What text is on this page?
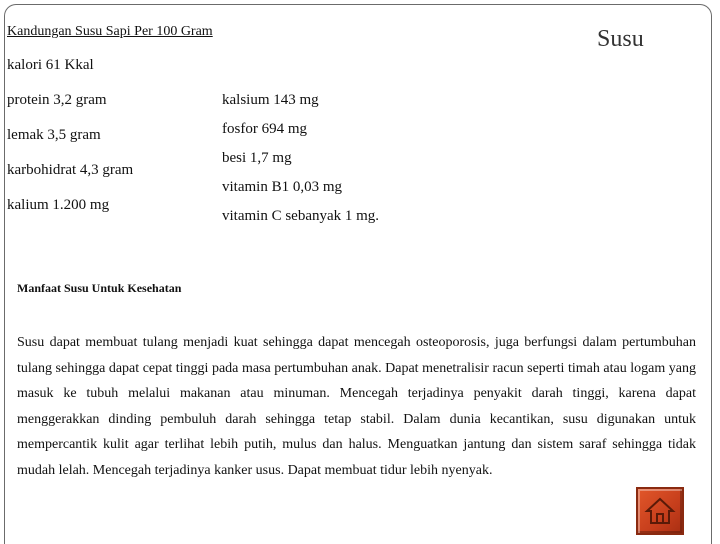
Kandungan Susu Sapi Per 100 Gram	Susu
kalori 61 Kkal
protein 3,2 gram
lemak 3,5 gram
karbohidrat 4,3 gram
kalium 1.200 mg
kalsium 143 mg
fosfor 694 mg
besi 1,7 mg
vitamin B1 0,03 mg
vitamin C sebanyak 1 mg.
Manfaat Susu Untuk Kesehatan
Susu dapat membuat tulang menjadi kuat sehingga dapat mencegah osteoporosis, juga berfungsi dalam pertumbuhan tulang sehingga dapat cepat tinggi pada masa pertumbuhan anak. Dapat menetralisir racun seperti timah atau logam yang masuk ke tubuh melalui makanan atau minuman. Mencegah terjadinya penyakit darah tinggi, karena dapat menggerakkan dinding pembuluh darah sehingga tetap stabil. Dalam dunia kecantikan, susu digunakan untuk mempercantik kulit agar terlihat lebih putih, mulus dan halus. Menguatkan jantung dan sistem saraf sehingga tidak mudah lelah. Mencegah terjadinya kanker usus. Dapat membuat tidur lebih nyenyak.
